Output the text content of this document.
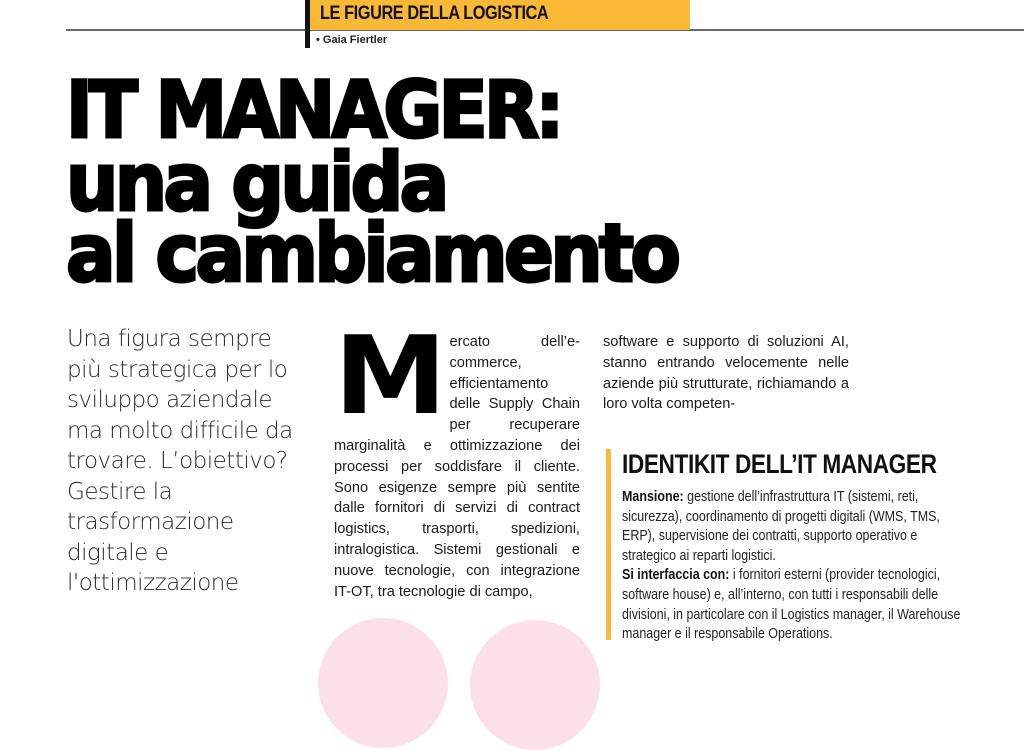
LE FIGURE DELLA LOGISTICA
• Gaia Fiertler
IT MANAGER:
una guida
al cambiamento
Una figura sempre più strategica per lo sviluppo aziendale ma molto difficile da trovare. L’obiettivo? Gestire la trasformazione digitale e l'ottimizzazione
M ercato dell’e-commerce, efficientamento delle Supply Chain per recuperare marginalità e ottimizzazione dei processi per soddisfare il cliente. Sono esigenze sempre più sentite dalle fornitori di servizi di contract logistics, trasporti, spedizioni, intralogistica. Sistemi gestionali e nuove tecnologie, con integrazione IT-OT, tra tecnologie di campo,

software e supporto di soluzioni AI, stanno entrando velocemente nelle aziende più strutturate, richiamando a loro volta competen-

IDENTIKIT DELL’IT MANAGER

Mansione: gestione dell’infrastruttura IT (sistemi, reti, sicurezza), coordinamento di progetti digitali (WMS, TMS, ERP), supervisione dei contratti, supporto operativo e strategico ai reparti logistici.

Si interfaccia con: i fornitori esterni (provider tecnologici, software house) e, all’interno, con tutti i responsabili delle divisioni, in particolare con il Logistics manager, il Warehouse manager e il responsabile Operations.
